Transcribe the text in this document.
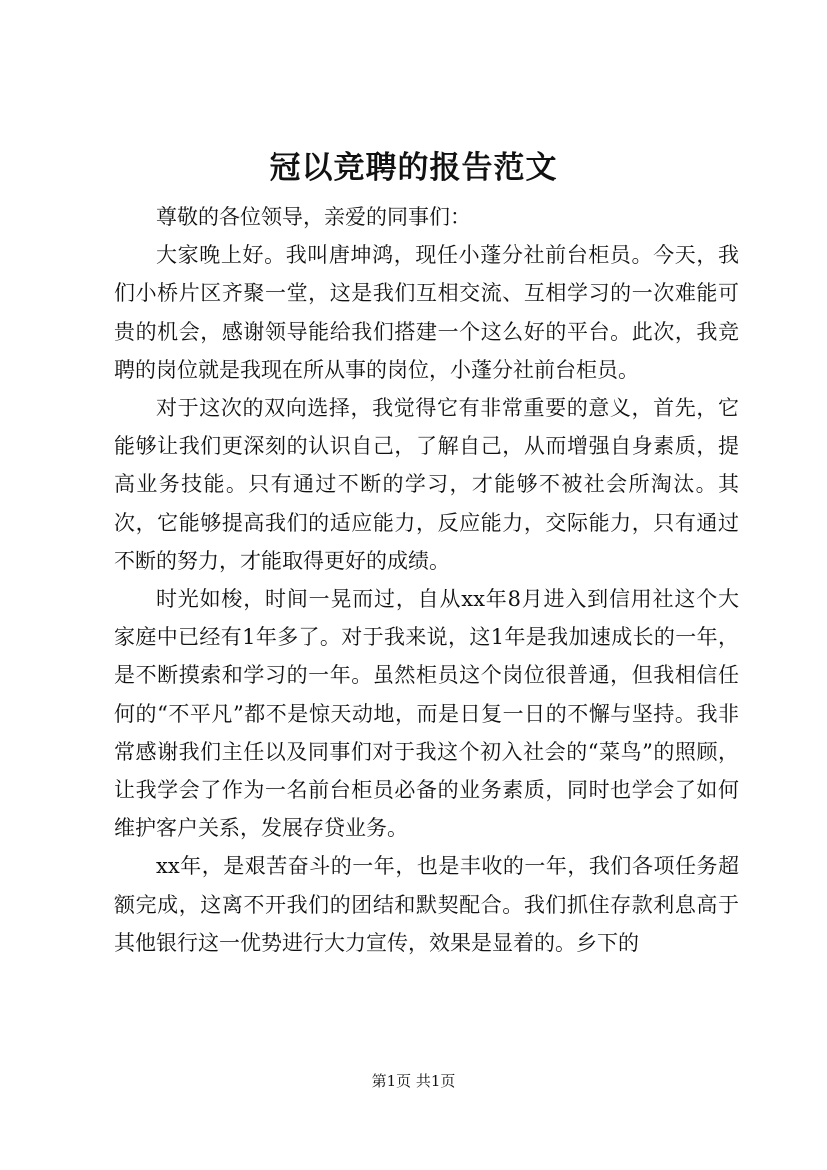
冠以竞聘的报告范文

尊敬的各位领导，亲爱的同事们：

大家晚上好。我叫唐坤鸿，现任小蓬分社前台柜员。今天，我们小桥片区齐聚一堂，这是我们互相交流、互相学习的一次难能可贵的机会，感谢领导能给我们搭建一个这么好的平台。此次，我竞聘的岗位就是我现在所从事的岗位，小蓬分社前台柜员。

对于这次的双向选择，我觉得它有非常重要的意义，首先，它能够让我们更深刻的认识自己，了解自己，从而增强自身素质，提高业务技能。只有通过不断的学习，才能够不被社会所淘汰。其次，它能够提高我们的适应能力，反应能力，交际能力，只有通过不断的努力，才能取得更好的成绩。

时光如梭，时间一晃而过，自从xx年8月进入到信用社这个大家庭中已经有1年多了。对于我来说，这1年是我加速成长的一年，是不断摸索和学习的一年。虽然柜员这个岗位很普通，但我相信任何的“不平凡”都不是惊天动地，而是日复一日的不懈与坚持。我非常感谢我们主任以及同事们对于我这个初入社会的“菜鸟”的照顾，让我学会了作为一名前台柜员必备的业务素质，同时也学会了如何维护客户关系，发展存贷业务。

xx年，是艰苦奋斗的一年，也是丰收的一年，我们各项任务超额完成，这离不开我们的团结和默契配合。我们抓住存款利息高于其他银行这一优势进行大力宣传，效果是显着的。乡下的

第1页 共1页
